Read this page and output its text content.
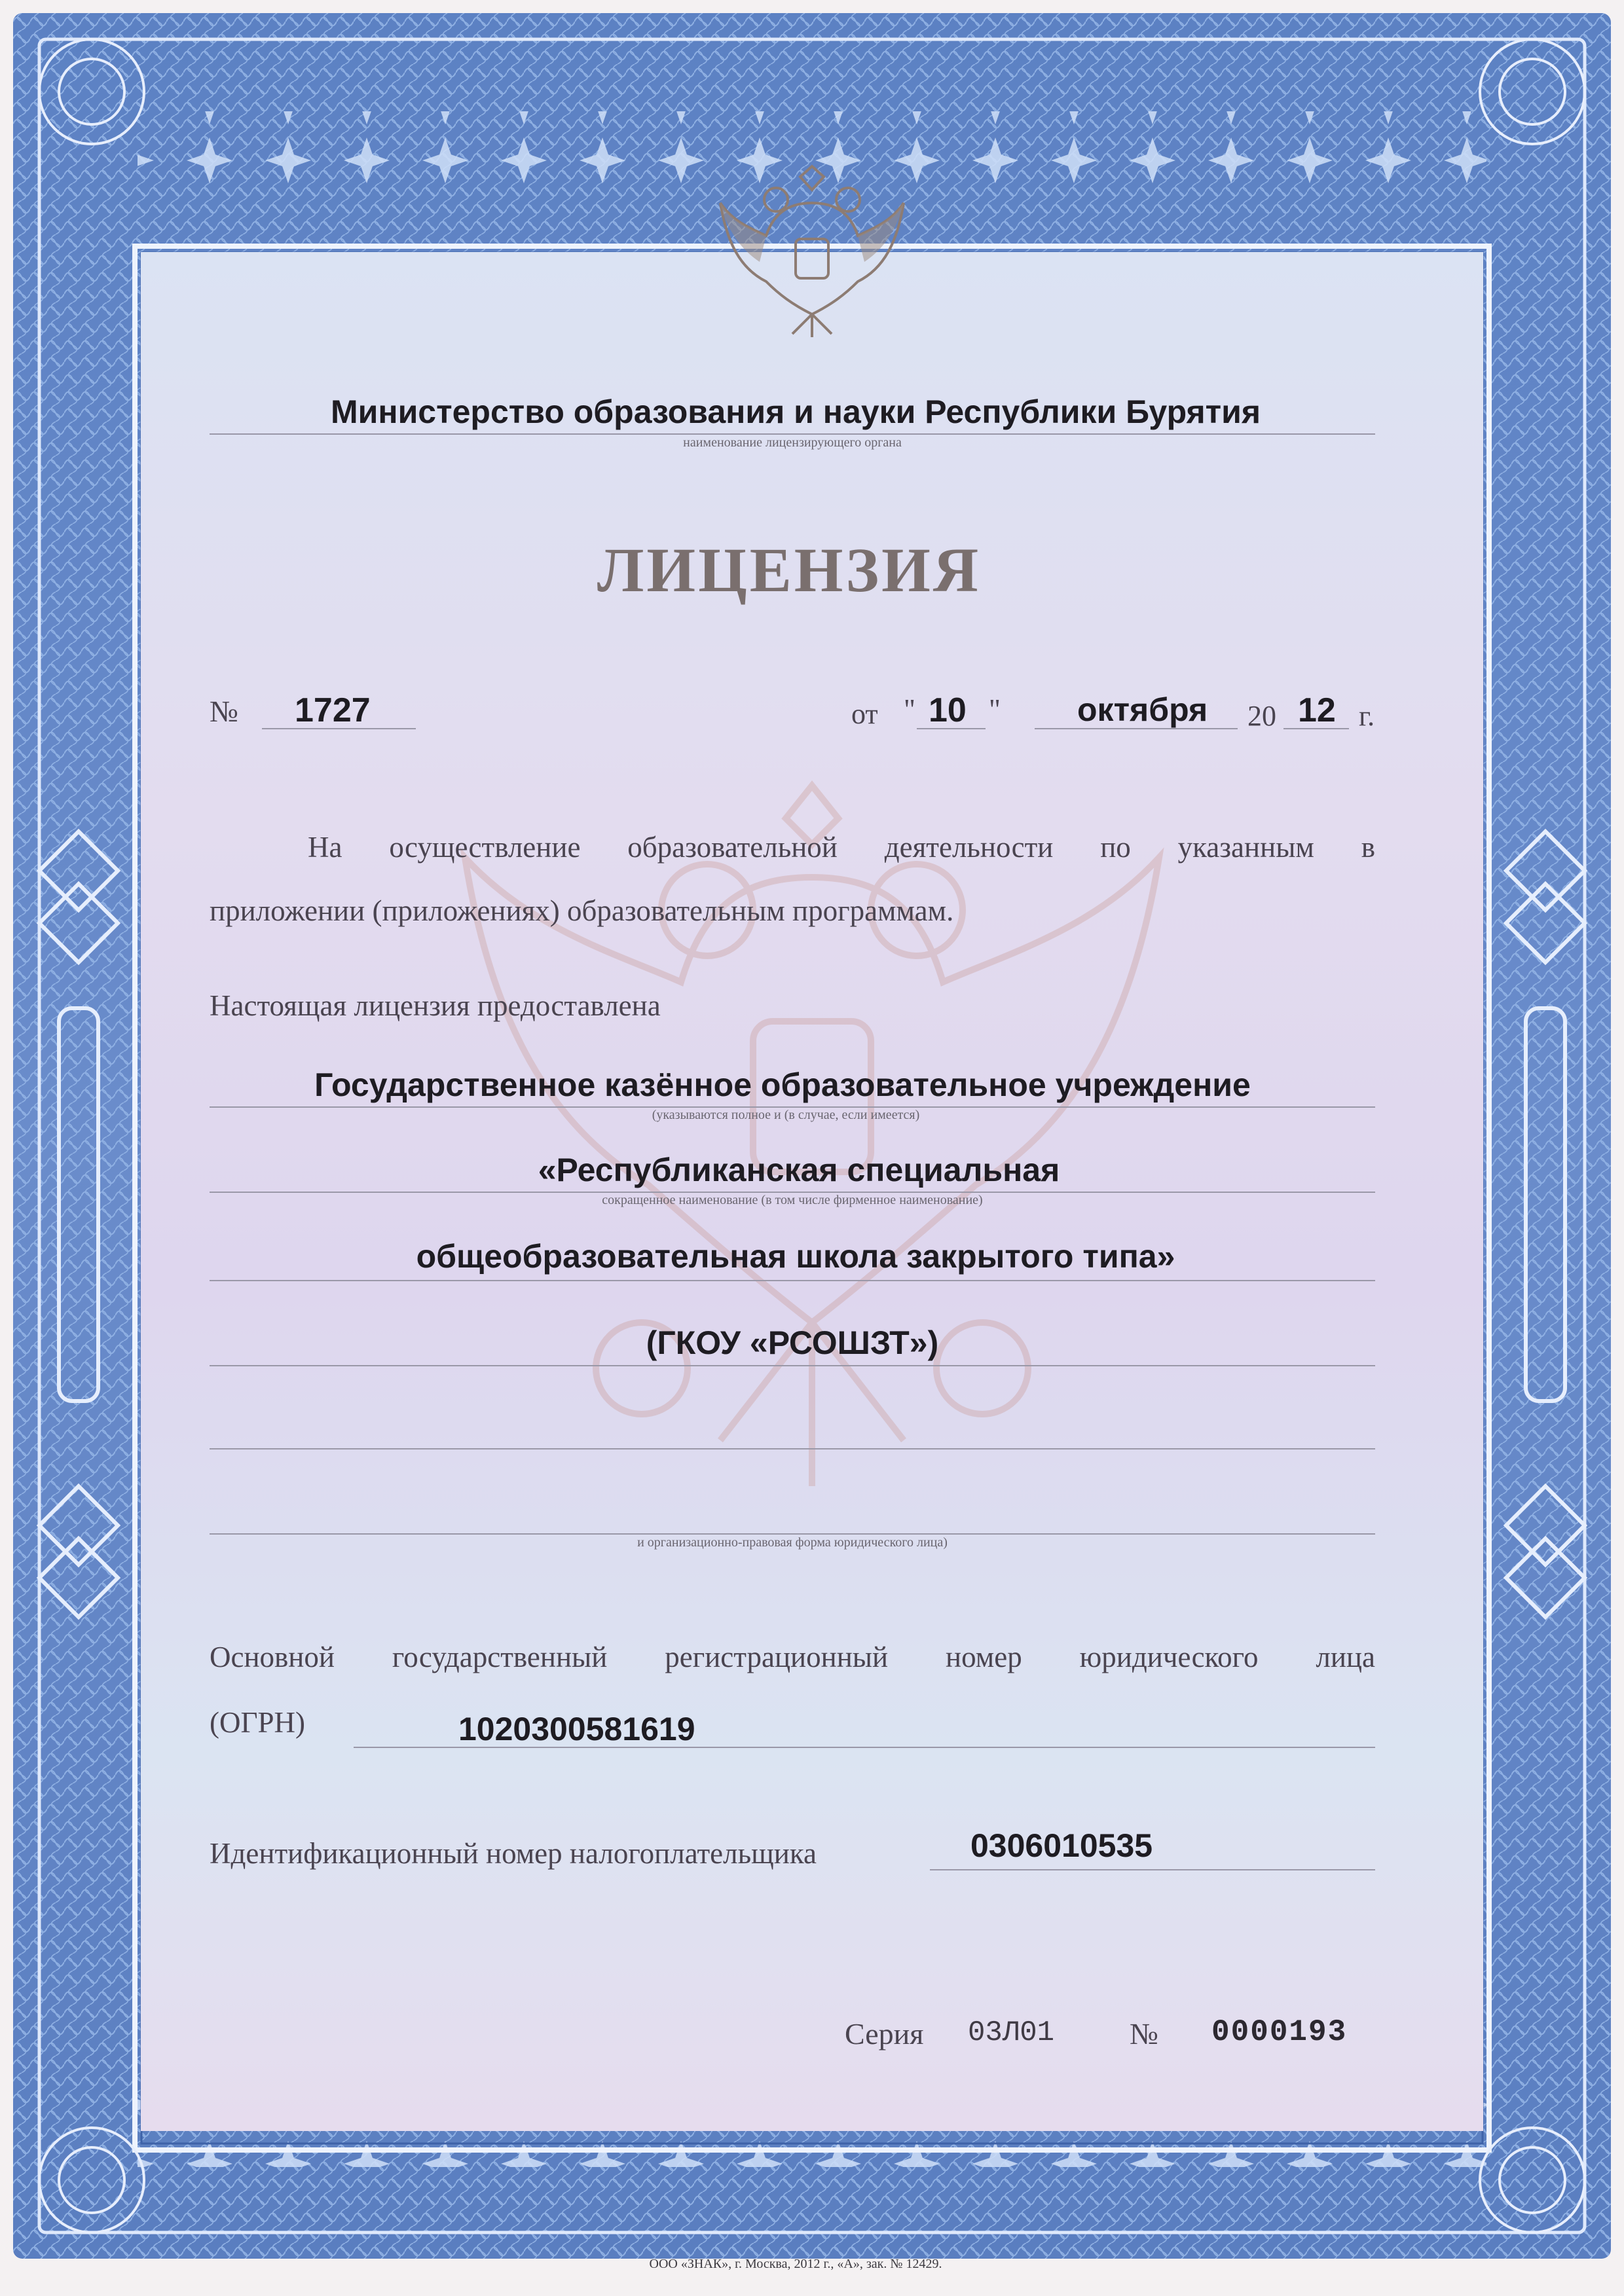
Министерство образования и науки Республики Бурятия
наименование лицензирующего органа
ЛИЦЕНЗИЯ
№ 1727	от " 10 " октября 20 12 г.
На осуществление образовательной деятельности по указанным в
приложении (приложениях) образовательным программам.
Настоящая лицензия предоставлена
Государственное казённое образовательное учреждение
(указываются полное и (в случае, если имеется)
«Республиканская специальная
сокращенное наименование (в том числе фирменное наименование)
общеобразовательная школа закрытого типа»
(ГКОУ «РСОШЗТ»)
и организационно-правовая форма юридического лица)
Основной государственный регистрационный номер юридического лица
(ОГРН)	1020300581619
Идентификационный номер налогоплательщика	0306010535
Серия 03Л01 № 0000193
ООО «ЗНАК», г. Москва, 2012 г., «А», зак. № 12429.
